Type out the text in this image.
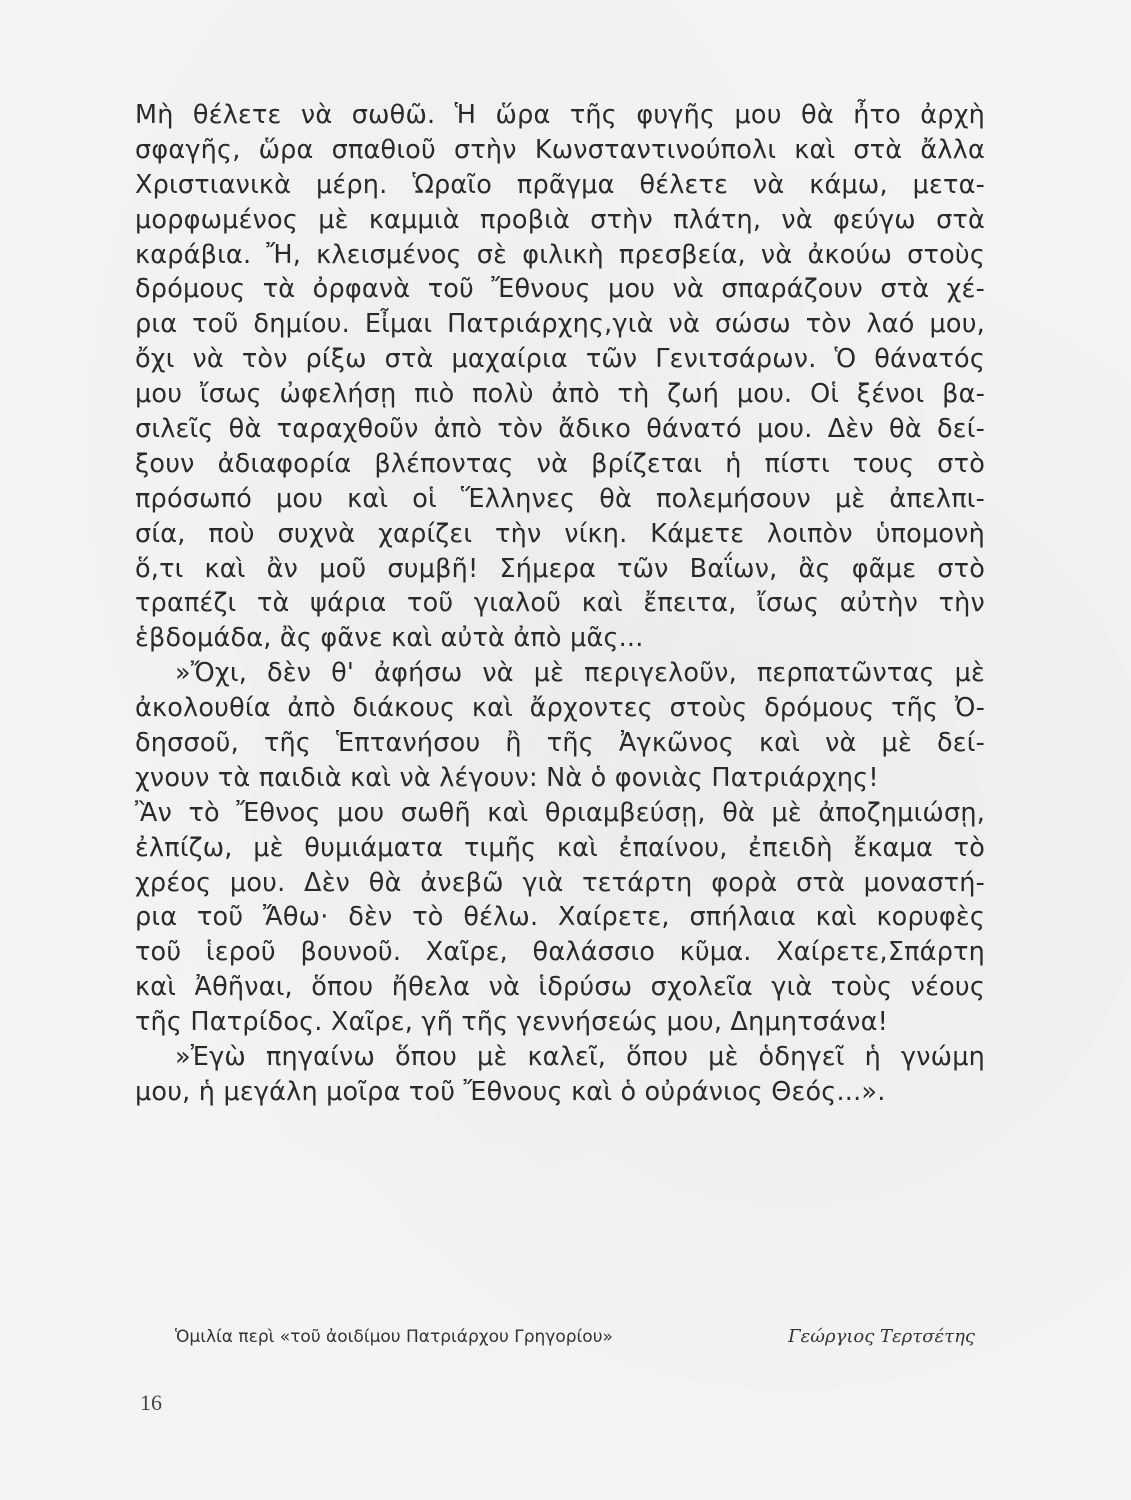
Μὴ θέλετε νὰ σωθῶ. Ἡ ὥρα τῆς φυγῆς μου θὰ ἦτο ἀρχὴ
σφαγῆς, ὥρα σπαθιοῦ στὴν Κωνσταντινούπολι καὶ στὰ ἄλλα
Χριστιανικὰ μέρη. Ὡραῖο πρᾶγμα θέλετε νὰ κάμω, μετα-
μορφωμένος μὲ καμμιὰ προβιὰ στὴν πλάτη, νὰ φεύγω στὰ
καράβια. Ἤ, κλεισμένος σὲ φιλικὴ πρεσβεία, νὰ ἀκούω στοὺς
δρόμους τὰ ὀρφανὰ τοῦ Ἔθνους μου νὰ σπαράζουν στὰ χέ-
ρια τοῦ δημίου. Εἶμαι Πατριάρχης,γιὰ νὰ σώσω τὸν λαό μου,
ὄχι νὰ τὸν ρίξω στὰ μαχαίρια τῶν Γενιτσάρων. Ὁ θάνατός
μου ἴσως ὠφελήσῃ πιὸ πολὺ ἀπὸ τὴ ζωή μου. Οἱ ξένοι βα-
σιλεῖς θὰ ταραχθοῦν ἀπὸ τὸν ἄδικο θάνατό μου. Δὲν θὰ δεί-
ξουν ἀδιαφορία βλέποντας νὰ βρίζεται ἡ πίστι τους στὸ
πρόσωπό μου καὶ οἱ Ἕλληνες θὰ πολεμήσουν μὲ ἀπελπι-
σία, ποὺ συχνὰ χαρίζει τὴν νίκη. Κάμετε λοιπὸν ὑπομονὴ
ὅ,τι καὶ ἂν μοῦ συμβῆ! Σήμερα τῶν Βαΐων, ἂς φᾶμε στὸ
τραπέζι τὰ ψάρια τοῦ γιαλοῦ καὶ ἔπειτα, ἴσως αὐτὴν τὴν
ἑβδομάδα, ἂς φᾶνε καὶ αὐτὰ ἀπὸ μᾶς...
»Ὄχι, δὲν θ' ἀφήσω νὰ μὲ περιγελοῦν, περπατῶντας μὲ
ἀκολουθία ἀπὸ διάκους καὶ ἄρχοντες στοὺς δρόμους τῆς Ὀ-
δησσοῦ, τῆς Ἑπτανήσου ἢ τῆς Ἀγκῶνος καὶ νὰ μὲ δεί-
χνουν τὰ παιδιὰ καὶ νὰ λέγουν: Νὰ ὁ φονιὰς Πατριάρχης!
Ἂν τὸ Ἔθνος μου σωθῆ καὶ θριαμβεύσῃ, θὰ μὲ ἀποζημιώσῃ,
ἐλπίζω, μὲ θυμιάματα τιμῆς καὶ ἐπαίνου, ἐπειδὴ ἔκαμα τὸ
χρέος μου. Δὲν θὰ ἀνεβῶ γιὰ τετάρτη φορὰ στὰ μοναστή-
ρια τοῦ Ἄθω· δὲν τὸ θέλω. Χαίρετε, σπήλαια καὶ κορυφὲς
τοῦ ἱεροῦ βουνοῦ. Χαῖρε, θαλάσσιο κῦμα. Χαίρετε,Σπάρτη
καὶ Ἀθῆναι, ὅπου ἤθελα νὰ ἱδρύσω σχολεῖα γιὰ τοὺς νέους
τῆς Πατρίδος. Χαῖρε, γῆ τῆς γεννήσεώς μου, Δημητσάνα!
»Ἐγὼ πηγαίνω ὅπου μὲ καλεῖ, ὅπου μὲ ὁδηγεῖ ἡ γνώμη
μου, ἡ μεγάλη μοῖρα τοῦ Ἔθνους καὶ ὁ οὐράνιος Θεός...».
Ὁμιλία περὶ «τοῦ ἀοιδίμου Πατριάρχου Γρηγορίου»	Γεώργιος Τερτσέτης
16
